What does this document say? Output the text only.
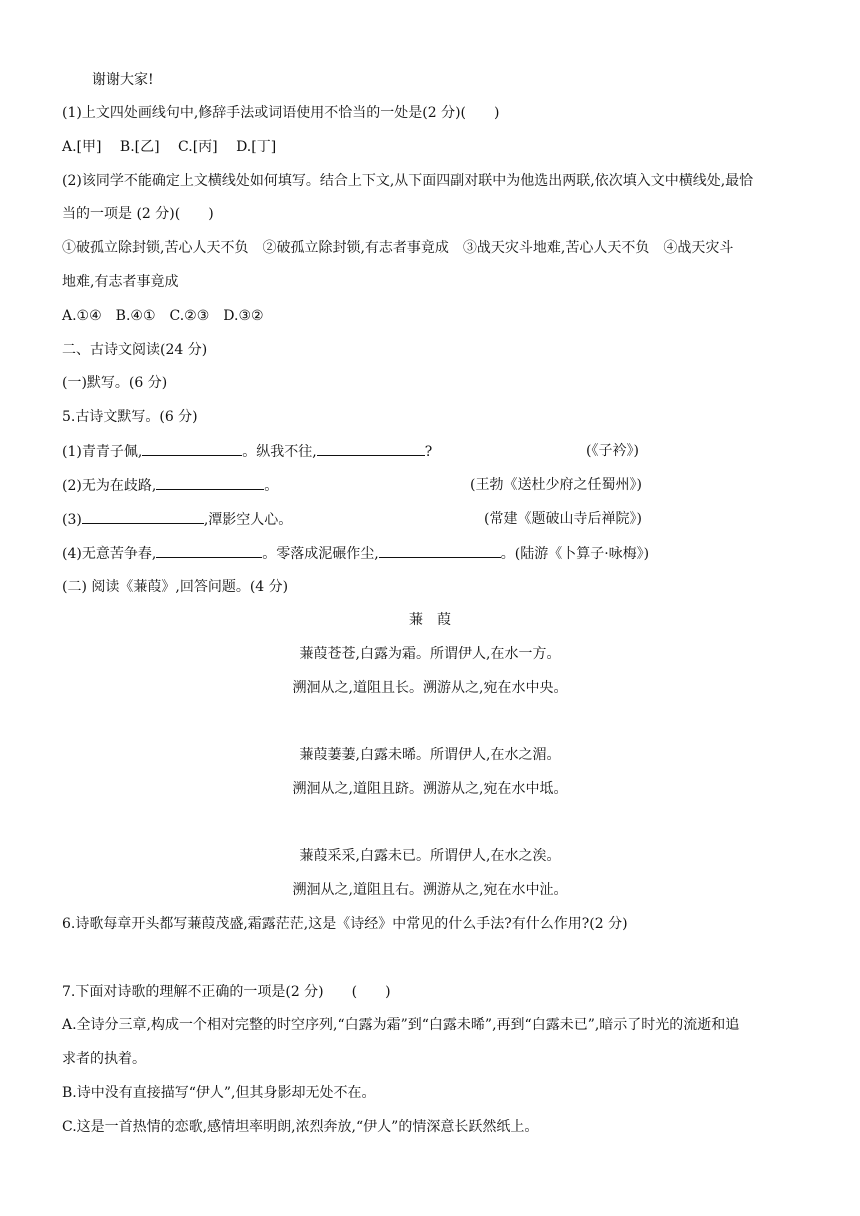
谢谢大家!
(1)上文四处画线句中,修辞手法或词语使用不恰当的一处是(2 分)(　　)
A.[甲]　 B.[乙]　 C.[丙]　 D.[丁]
(2)该同学不能确定上文横线处如何填写。结合上下文,从下面四副对联中为他选出两联,依次填入文中横线处,最恰
当的一项是 (2 分)(　　)
①破孤立除封锁,苦心人天不负　②破孤立除封锁,有志者事竟成　③战天灾斗地难,苦心人天不负　④战天灾斗
地难,有志者事竟成
A.①④　B.④①　C.②③　D.③②
二、古诗文阅读(24 分)
(一)默写。(6 分)
5.古诗文默写。(6 分)
(1)青青子佩,	。纵我不往,	?	(《子衿》)
(2)无为在歧路,	。	(王勃《送杜少府之任蜀州》)
(3)	,潭影空人心。	(常建《题破山寺后禅院》)
(4)无意苦争春,	。零落成泥碾作尘,	。(陆游《卜算子·咏梅》)
(二) 阅读《蒹葭》,回答问题。(4 分)
蒹　葭
蒹葭苍苍,白露为霜。所谓伊人,在水一方。
溯洄从之,道阻且长。溯游从之,宛在水中央。
蒹葭萋萋,白露未晞。所谓伊人,在水之湄。
溯洄从之,道阻且跻。溯游从之,宛在水中坻。
蒹葭采采,白露未已。所谓伊人,在水之涘。
溯洄从之,道阻且右。溯游从之,宛在水中沚。
6.诗歌每章开头都写蒹葭茂盛,霜露茫茫,这是《诗经》中常见的什么手法?有什么作用?(2 分)
7.下面对诗歌的理解不正确的一项是(2 分)　　(　　)
A.全诗分三章,构成一个相对完整的时空序列,“白露为霜”到“白露未晞”,再到“白露未已”,暗示了时光的流逝和追
求者的执着。
B.诗中没有直接描写“伊人”,但其身影却无处不在。
C.这是一首热情的恋歌,感情坦率明朗,浓烈奔放,“伊人”的情深意长跃然纸上。
